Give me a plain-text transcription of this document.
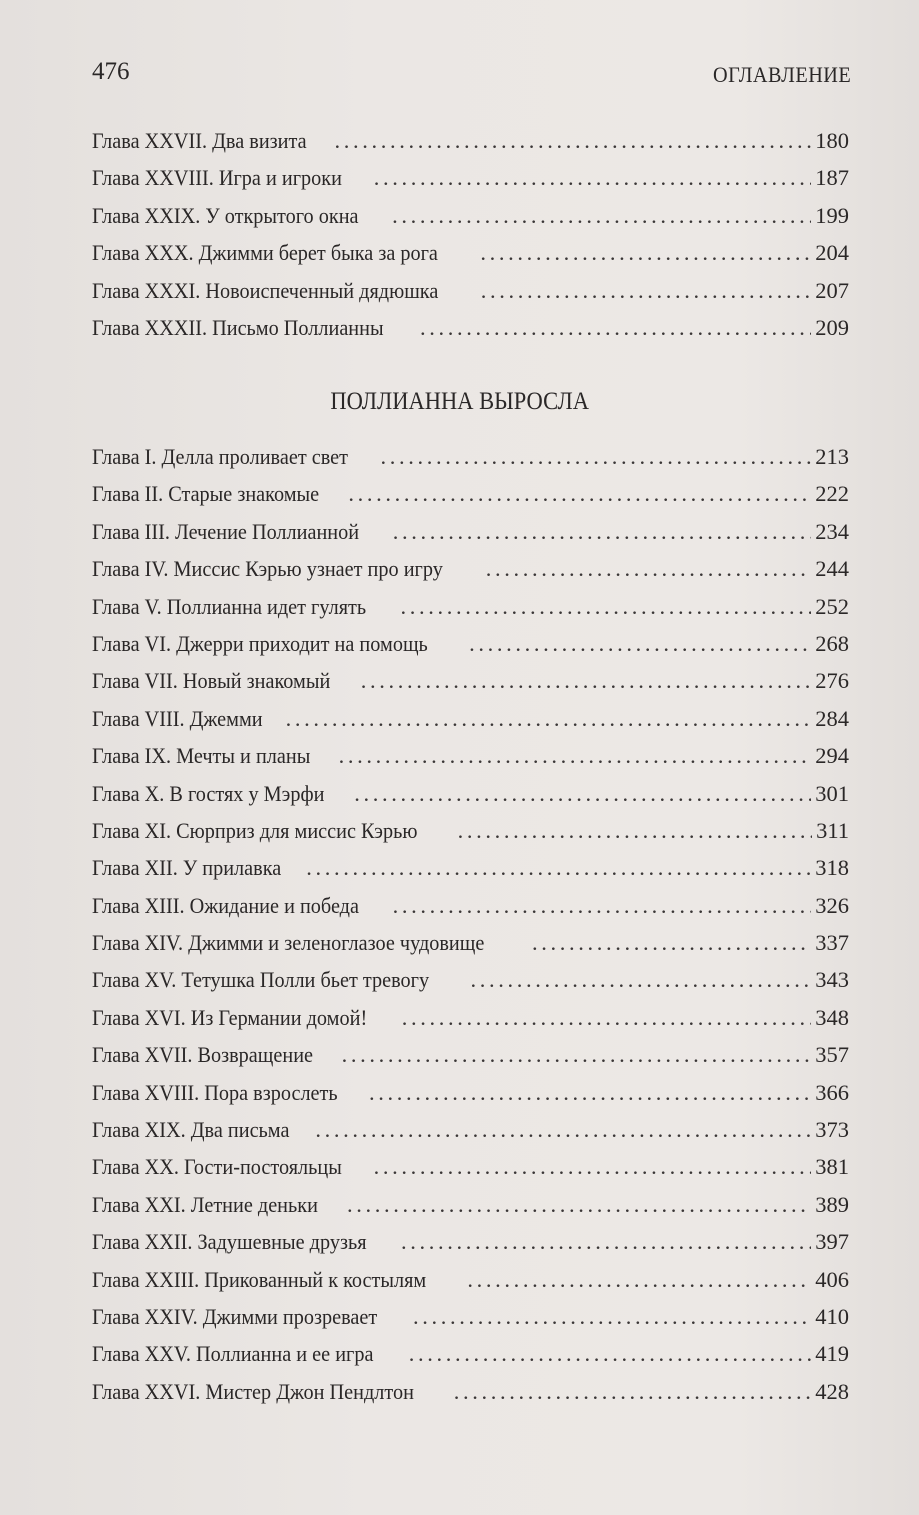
476	ОГЛАВЛЕНИЕ
Глава XXVII. Два визита . . .	180
Глава XXVIII. Игра и игроки . . .	187
Глава XXIX. У открытого окна . . .	199
Глава XXX. Джимми берет быка за рога . . .	204
Глава XXXI. Новоиспеченный дядюшка . . .	207
Глава XXXII. Письмо Поллианны . . .	209
ПОЛЛИАННА ВЫРОСЛА
Глава I. Делла проливает свет . . .	213
Глава II. Старые знакомые . . .	222
Глава III. Лечение Поллианной . . .	234
Глава IV. Миссис Кэрью узнает про игру . . .	244
Глава V. Поллианна идет гулять . . .	252
Глава VI. Джерри приходит на помощь . . .	268
Глава VII. Новый знакомый . . .	276
Глава VIII. Джемми . . .	284
Глава IX. Мечты и планы . . .	294
Глава X. В гостях у Мэрфи . . .	301
Глава XI. Сюрприз для миссис Кэрью . . .	311
Глава XII. У прилавка . . .	318
Глава XIII. Ожидание и победа . . .	326
Глава XIV. Джимми и зеленоглазое чудовище . . .	337
Глава XV. Тетушка Полли бьет тревогу . . .	343
Глава XVI. Из Германии домой! . . .	348
Глава XVII. Возвращение . . .	357
Глава XVIII. Пора взрослеть . . .	366
Глава XIX. Два письма . . .	373
Глава XX. Гости-постояльцы . . .	381
Глава XXI. Летние деньки . . .	389
Глава XXII. Задушевные друзья . . .	397
Глава XXIII. Прикованный к костылям . . .	406
Глава XXIV. Джимми прозревает . . .	410
Глава XXV. Поллианна и ее игра . . .	419
Глава XXVI. Мистер Джон Пендлтон . . .	428
